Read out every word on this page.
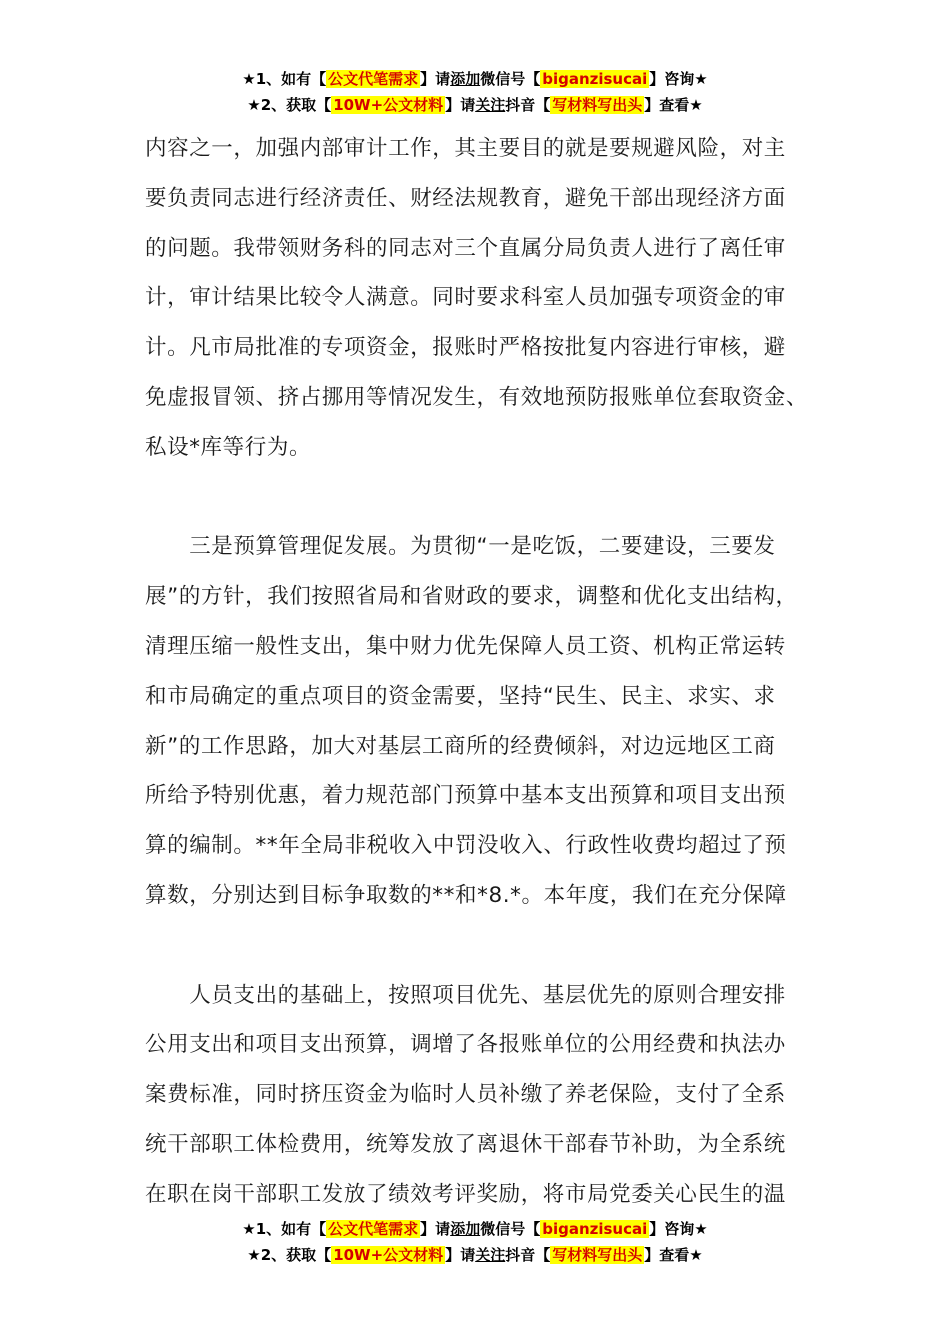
★1、如有【 公文代笔需求 】请添加微信号【 biganzisucai 】咨询★
★2、获取【 10W+公文材料 】请关注抖音【 写材料写出头 】查看★

内容之一，加强内部审计工作，其主要目的就是要规避风险，对主
要负责同志进行经济责任、财经法规教育，避免干部出现经济方面
的问题。我带领财务科的同志对三个直属分局负责人进行了离任审
计，审计结果比较令人满意。同时要求科室人员加强专项资金的审
计。凡市局批准的专项资金，报账时严格按批复内容进行审核，避
免虚报冒领、挤占挪用等情况发生，有效地预防报账单位套取资金、
私设*库等行为。

　　三是预算管理促发展。为贯彻“一是吃饭，二要建设，三要发
展”的方针，我们按照省局和省财政的要求，调整和优化支出结构，
清理压缩一般性支出，集中财力优先保障人员工资、机构正常运转
和市局确定的重点项目的资金需要，坚持“民生、民主、求实、求
新”的工作思路，加大对基层工商所的经费倾斜，对边远地区工商
所给予特别优惠，着力规范部门预算中基本支出预算和项目支出预
算的编制。**年全局非税收入中罚没收入、行政性收费均超过了预
算数，分别达到目标争取数的**和*8.*。本年度，我们在充分保障

　　人员支出的基础上，按照项目优先、基层优先的原则合理安排
公用支出和项目支出预算，调增了各报账单位的公用经费和执法办
案费标准，同时挤压资金为临时人员补缴了养老保险，支付了全系
统干部职工体检费用，统筹发放了离退休干部春节补助，为全系统
在职在岗干部职工发放了绩效考评奖励，将市局党委关心民生的温

★1、如有【 公文代笔需求 】请添加微信号【 biganzisucai 】咨询★
★2、获取【 10W+公文材料 】请关注抖音【 写材料写出头 】查看★
